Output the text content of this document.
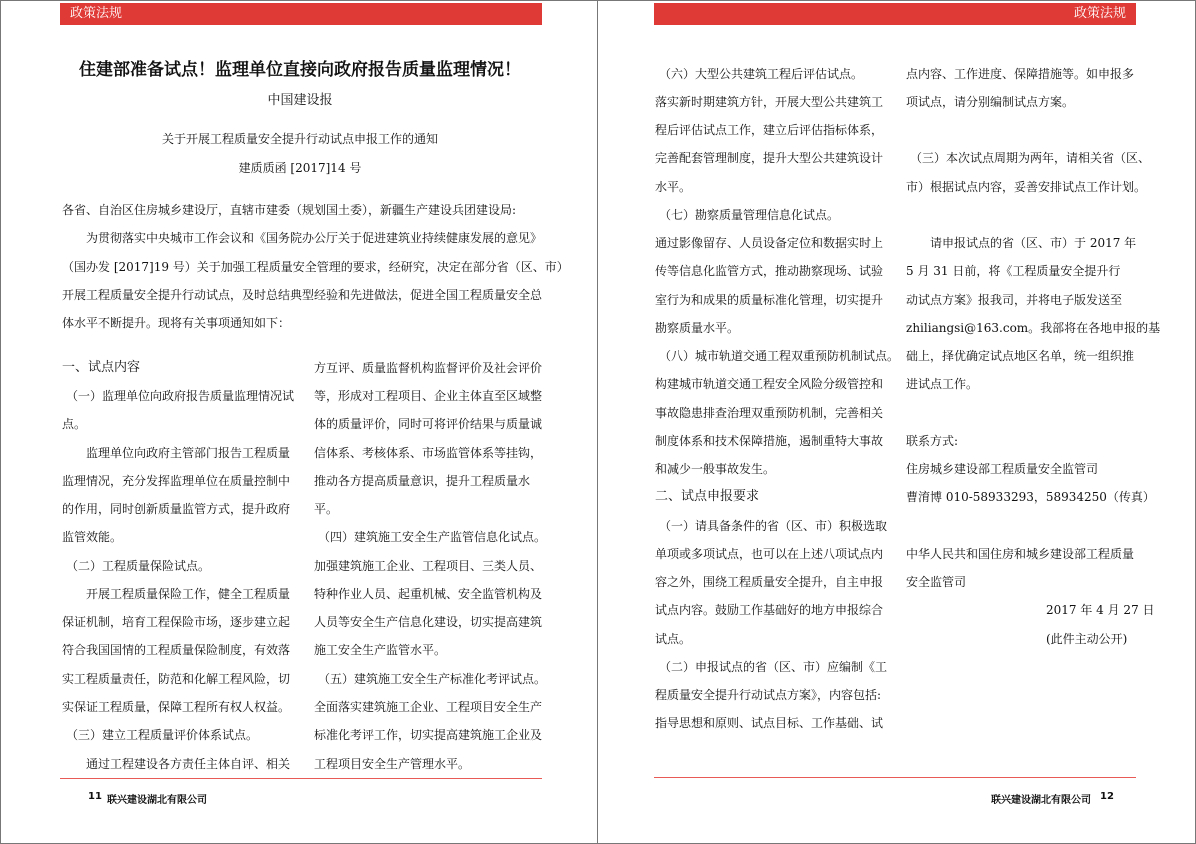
政策法规
住建部准备试点！监理单位直接向政府报告质量监理情况！
中国建设报
关于开展工程质量安全提升行动试点申报工作的通知
建质质函 [2017]14 号
各省、自治区住房城乡建设厅，直辖市建委（规划国土委），新疆生产建设兵团建设局:
为贯彻落实中央城市工作会议和《国务院办公厅关于促进建筑业持续健康发展的意见》
（国办发 [2017]19 号）关于加强工程质量安全管理的要求，经研究，决定在部分省（区、市）
开展工程质量安全提升行动试点，及时总结典型经验和先进做法，促进全国工程质量安全总
体水平不断提升。现将有关事项通知如下：
一、试点内容
（一）监理单位向政府报告质量监理情况试
点。
监理单位向政府主管部门报告工程质量
监理情况，充分发挥监理单位在质量控制中
的作用，同时创新质量监管方式，提升政府
监管效能。
（二）工程质量保险试点。
开展工程质量保险工作，健全工程质量
保证机制，培育工程保险市场，逐步建立起
符合我国国情的工程质量保险制度，有效落
实工程质量责任，防范和化解工程风险，切
实保证工程质量，保障工程所有权人权益。
（三）建立工程质量评价体系试点。
通过工程建设各方责任主体自评、相关
方互评、质量监督机构监督评价及社会评价
等，形成对工程项目、企业主体直至区域整
体的质量评价，同时可将评价结果与质量诚
信体系、考核体系、市场监管体系等挂钩，
推动各方提高质量意识，提升工程质量水
平。
（四）建筑施工安全生产监管信息化试点。
加强建筑施工企业、工程项目、三类人员、
特种作业人员、起重机械、安全监管机构及
人员等安全生产信息化建设，切实提高建筑
施工安全生产监管水平。
（五）建筑施工安全生产标准化考评试点。
全面落实建筑施工企业、工程项目安全生产
标准化考评工作，切实提高建筑施工企业及
工程项目安全生产管理水平。
11 联兴建设湖北有限公司
政策法规
（六）大型公共建筑工程后评估试点。
落实新时期建筑方针，开展大型公共建筑工
程后评估试点工作，建立后评估指标体系，
完善配套管理制度，提升大型公共建筑设计
水平。
（七）勘察质量管理信息化试点。
通过影像留存、人员设备定位和数据实时上
传等信息化监管方式，推动勘察现场、试验
室行为和成果的质量标准化管理，切实提升
勘察质量水平。
（八）城市轨道交通工程双重预防机制试点。
构建城市轨道交通工程安全风险分级管控和
事故隐患排查治理双重预防机制，完善相关
制度体系和技术保障措施，遏制重特大事故
和减少一般事故发生。
二、试点申报要求
（一）请具备条件的省（区、市）积极选取
单项或多项试点，也可以在上述八项试点内
容之外，围绕工程质量安全提升，自主申报
试点内容。鼓励工作基础好的地方申报综合
试点。
（二）申报试点的省（区、市）应编制《工
程质量安全提升行动试点方案》，内容包括:
指导思想和原则、试点目标、工作基础、试
点内容、工作进度、保障措施等。如申报多
项试点，请分别编制试点方案。
（三）本次试点周期为两年，请相关省（区、
市）根据试点内容，妥善安排试点工作计划。
请申报试点的省（区、市）于 2017 年
5 月 31 日前，将《工程质量安全提升行
动试点方案》报我司，并将电子版发送至
zhiliangsi@163.com。我部将在各地申报的基
础上，择优确定试点地区名单，统一组织推
进试点工作。
联系方式:
住房城乡建设部工程质量安全监管司
曹淯博 010-58933293，58934250（传真）
中华人民共和国住房和城乡建设部工程质量
安全监管司
2017 年 4 月 27 日
(此件主动公开)
联兴建设湖北有限公司 12
